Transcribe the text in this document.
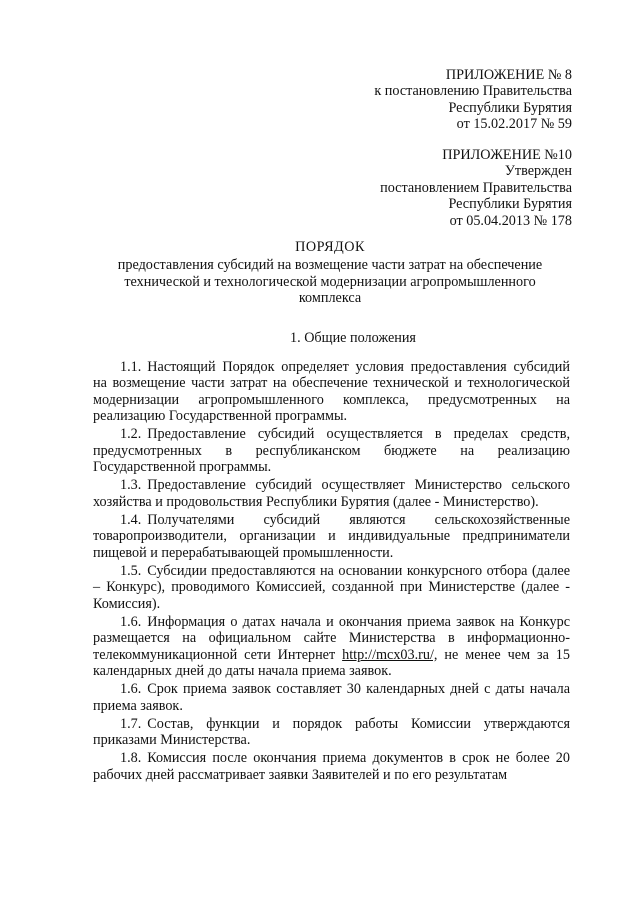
ПРИЛОЖЕНИЕ № 8
к постановлению Правительства
Республики Бурятия
от 15.02.2017 № 59
ПРИЛОЖЕНИЕ №10
Утвержден
постановлением Правительства
Республики Бурятия
от 05.04.2013 № 178
ПОРЯДОК
предоставления субсидий на возмещение части затрат на обеспечение технической и технологической модернизации агропромышленного комплекса
1. Общие положения

1.1. Настоящий Порядок определяет условия предоставления субсидий на возмещение части затрат на обеспечение технической и технологической модернизации агропромышленного комплекса, предусмотренных на реализацию Государственной программы.

1.2. Предоставление субсидий осуществляется в пределах средств, предусмотренных в республиканском бюджете на реализацию Государственной программы.

1.3. Предоставление субсидий осуществляет Министерство сельского хозяйства и продовольствия Республики Бурятия (далее - Министерство).

1.4. Получателями субсидий являются сельскохозяйственные товаропроизводители, организации и индивидуальные предприниматели пищевой и перерабатывающей промышленности.

1.5. Субсидии предоставляются на основании конкурсного отбора (далее – Конкурс), проводимого Комиссией, созданной при Министерстве (далее - Комиссия).

1.6. Информация о датах начала и окончания приема заявок на Конкурс размещается на официальном сайте Министерства в информационно-телекоммуникационной сети Интернет http://mcx03.ru/, не менее чем за 15 календарных дней до даты начала приема заявок.

1.6. Срок приема заявок составляет 30 календарных дней с даты начала приема заявок.

1.7. Состав, функции и порядок работы Комиссии утверждаются приказами Министерства.

1.8. Комиссия после окончания приема документов в срок не более 20 рабочих дней рассматривает заявки Заявителей и по его результатам
